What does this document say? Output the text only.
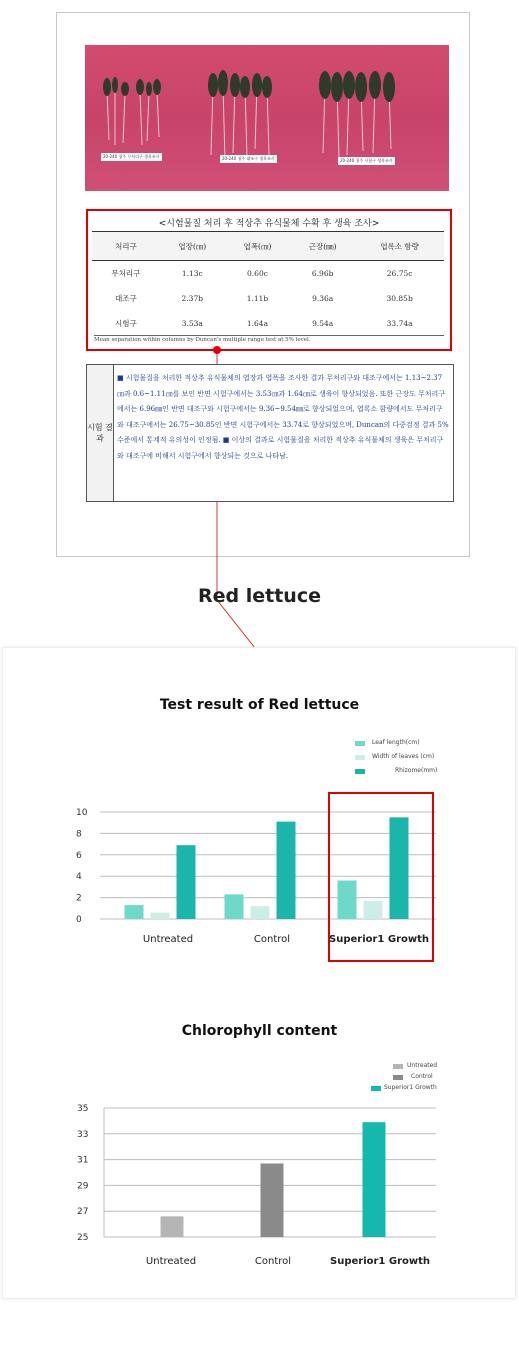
20-240 청주 무처리구 생육조사	20-240 청주 대조구 생육조사	20-240 청주 시험구 생육조사
<시험물질 처리 후 적상추 유식물체 수확 후 생육 조사>
처리구	엽장(㎝)	엽폭(㎝)	근장(㎜)	엽록소 함량
무처리구	1.13c	0.60c	6.96b	26.75c
대조구	2.37b	1.11b	9.36a	30.85b
시험구	3.53a	1.64a	9.54a	33.74a
Mean separation within columns by Duncan's multiple range test at 5% level.
시험 결과
■ 시험물질을 처리한 적상추 유식물체의 엽장과 엽폭을 조사한 결과 무처리구와 대조구에서는 1.13~2.37㎝과 0.6~1.11㎝를 보인 반면 시험구에서는 3.53㎝과 1.64㎝로 생육이 향상되었음. 또한 근장도 무처리구에서는 6.96㎜인 반면 대조구와 시험구에서는 9.36~9.54㎜로 향상되었으며, 엽록소 함량에서도 무처리구와 대조구에서는 26.75~30.85인 반면 시험구에서는 33.74로 향상되었으며, Duncan의 다중검정 결과 5% 수준에서 통계적 유의성이 인정됨. ■ 이상의 결과로 시험물질을 처리한 적상추 유식물체의 생육은 무처리구와 대조구에 비해서 시험구에서 향상되는 것으로 나타남.
Red lettuce
Test result of Red lettuce
Chlorophyll content
Leaf length(cm)
Width of leaves (cm)
Rhizome(mm)
Untreated
Control
Superior1 Growth
0
2
4
6
8
10
25
27
29
31
33
35
Untreated	Control	Superior1 Growth
Untreated	Control	Superior1 Growth
